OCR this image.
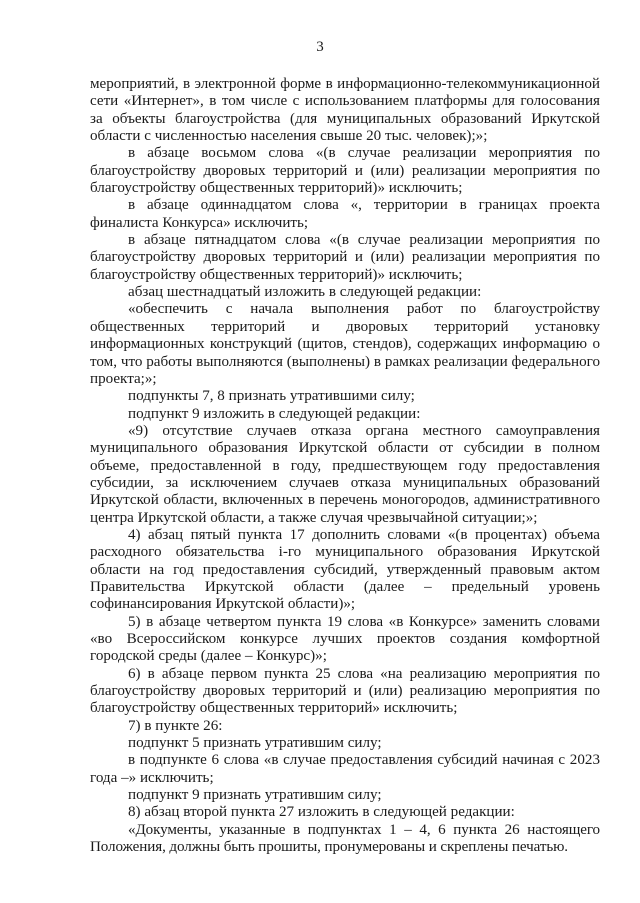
3

мероприятий, в электронной форме в информационно-телекоммуникационной сети «Интернет», в том числе с использованием платформы для голосования за объекты благоустройства (для муниципальных образований Иркутской области с численностью населения свыше 20 тыс. человек);»;

в абзаце восьмом слова «(в случае реализации мероприятия по благоустройству дворовых территорий и (или) реализации мероприятия по благоустройству общественных территорий)» исключить;

в абзаце одиннадцатом слова «, территории в границах проекта финалиста Конкурса» исключить;

в абзаце пятнадцатом слова «(в случае реализации мероприятия по благоустройству дворовых территорий и (или) реализации мероприятия по благоустройству общественных территорий)» исключить;

абзац шестнадцатый изложить в следующей редакции:

«обеспечить с начала выполнения работ по благоустройству общественных территорий и дворовых территорий установку информационных конструкций (щитов, стендов), содержащих информацию о том, что работы выполняются (выполнены) в рамках реализации федерального проекта;»;

подпункты 7, 8 признать утратившими силу;

подпункт 9 изложить в следующей редакции:

«9) отсутствие случаев отказа органа местного самоуправления муниципального образования Иркутской области от субсидии в полном объеме, предоставленной в году, предшествующем году предоставления субсидии, за исключением случаев отказа муниципальных образований Иркутской области, включенных в перечень моногородов, административного центра Иркутской области, а также случая чрезвычайной ситуации;»;

4) абзац пятый пункта 17 дополнить словами «(в процентах) объема расходного обязательства i-го муниципального образования Иркутской области на год предоставления субсидий, утвержденный правовым актом Правительства Иркутской области (далее – предельный уровень софинансирования Иркутской области)»;

5) в абзаце четвертом пункта 19 слова «в Конкурсе» заменить словами «во Всероссийском конкурсе лучших проектов создания комфортной городской среды (далее – Конкурс)»;

6) в абзаце первом пункта 25 слова «на реализацию мероприятия по благоустройству дворовых территорий и (или) реализацию мероприятия по благоустройству общественных территорий» исключить;

7) в пункте 26:

подпункт 5 признать утратившим силу;

в подпункте 6 слова «в случае предоставления субсидий начиная с 2023 года –» исключить;

подпункт 9 признать утратившим силу;

8) абзац второй пункта 27 изложить в следующей редакции:

«Документы, указанные в подпунктах 1 – 4, 6 пункта 26 настоящего Положения, должны быть прошиты, пронумерованы и скреплены печатью.
